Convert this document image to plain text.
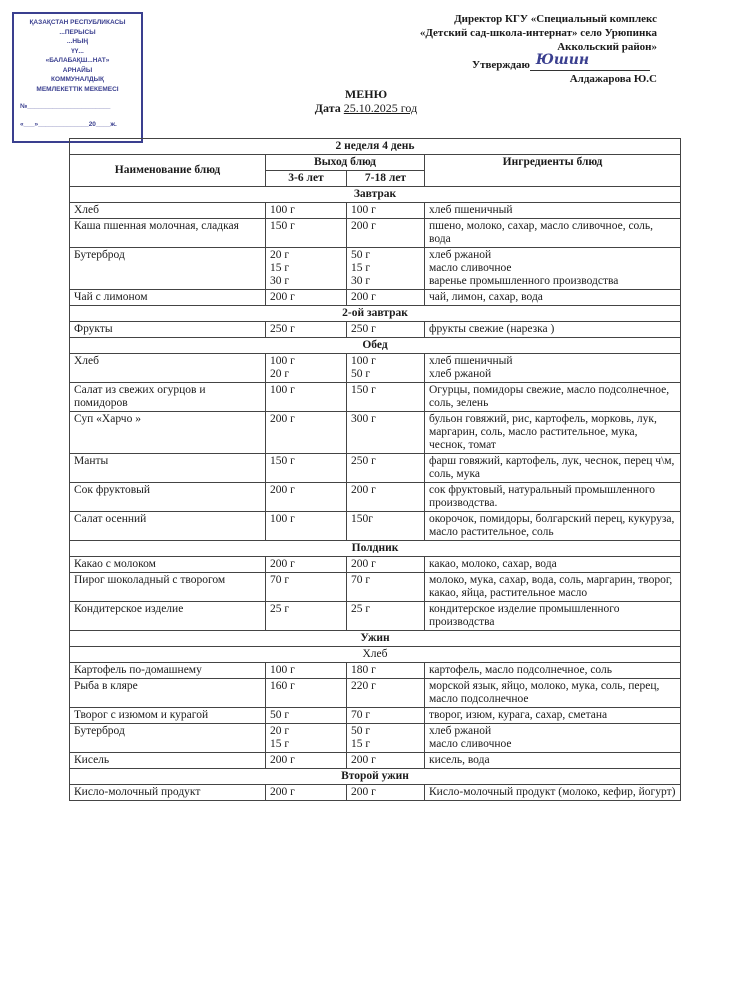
ҚАЗАҚСТАН РЕСПУБЛИКАСЫ
...ПЕРЫСЫ
...НЫҢ
ҮҮ...
«БАЛАБАҚШ...НАТ»
АРНАЙЫ
КОММУНАЛДЫҚ
МЕМЛЕКЕТТІК МЕКЕМЕСІ
№_______________________
«___»______________20____ж.
Директор КГУ «Специальный комплекс
«Детский сад-школа-интернат» село Урюпинка
Аккольский район»
Утверждаю Юшин
Алдажарова Ю.С
МЕНЮ
Дата 25.10.2025 год
2 неделя 4 день			
Наименование блюд	Выход блюд		Ингредиенты блюд
	3-6 лет	7-18 лет	
Завтрак			
Хлеб	100 г	100 г	хлеб пшеничный

Каша пшенная молочная, сладкая	150 г	200 г	пшено, молоко, сахар, масло сливочное, соль, вода

Бутерброд	20 г
15 г
30 г	50 г
15 г
30 г	хлеб ржаной
масло сливочное
варенье промышленного производства

Чай с лимоном	200 г	200 г	чай, лимон, сахар, вода

2-ой завтрак			
Фрукты	250 г	250 г	фрукты свежие (нарезка )

Обед			
Хлеб	100 г
20 г	100 г
50 г	хлеб пшеничный
хлеб ржаной

Салат из свежих огурцов и помидоров	100 г	150 г	Огурцы, помидоры свежие, масло подсолнечное, соль, зелень

Суп «Харчо »	200 г	300 г	бульон говяжий, рис, картофель, морковь, лук, маргарин, соль, масло растительное, мука, чеснок, томат

Манты	150 г	250 г	фарш говяжий, картофель, лук, чеснок, перец ч\м, соль, мука

Сок фруктовый	200 г	200 г	сок фруктовый, натуральный промышленного производства.

Салат осенний	100 г	150г	окорочок, помидоры, болгарский перец, кукуруза, масло растительное, соль

Полдник			
Какао с молоком	200 г	200 г	какао, молоко, сахар, вода

Пирог шоколадный с творогом	70 г	70 г	молоко, мука, сахар, вода, соль, маргарин, творог, какао, яйца, растительное масло

Кондитерское изделие	25 г	25 г	кондитерское изделие промышленного производства

Ужин			
Хлеб			
Картофель по-домашнему	100 г	180 г	картофель, масло подсолнечное, соль

Рыба в кляре	160 г	220 г	морской язык, яйцо, молоко, мука, соль, перец, масло подсолнечное

Творог с изюмом и курагой	50 г	70 г	творог, изюм, курага, сахар, сметана

Бутерброд	20 г
15 г	50 г
15 г	хлеб ржаной
масло сливочное

Кисель	200 г	200 г	кисель, вода

Второй ужин			
Кисло-молочный продукт	200 г	200 г	Кисло-молочный продукт (молоко, кефир, йогурт)
